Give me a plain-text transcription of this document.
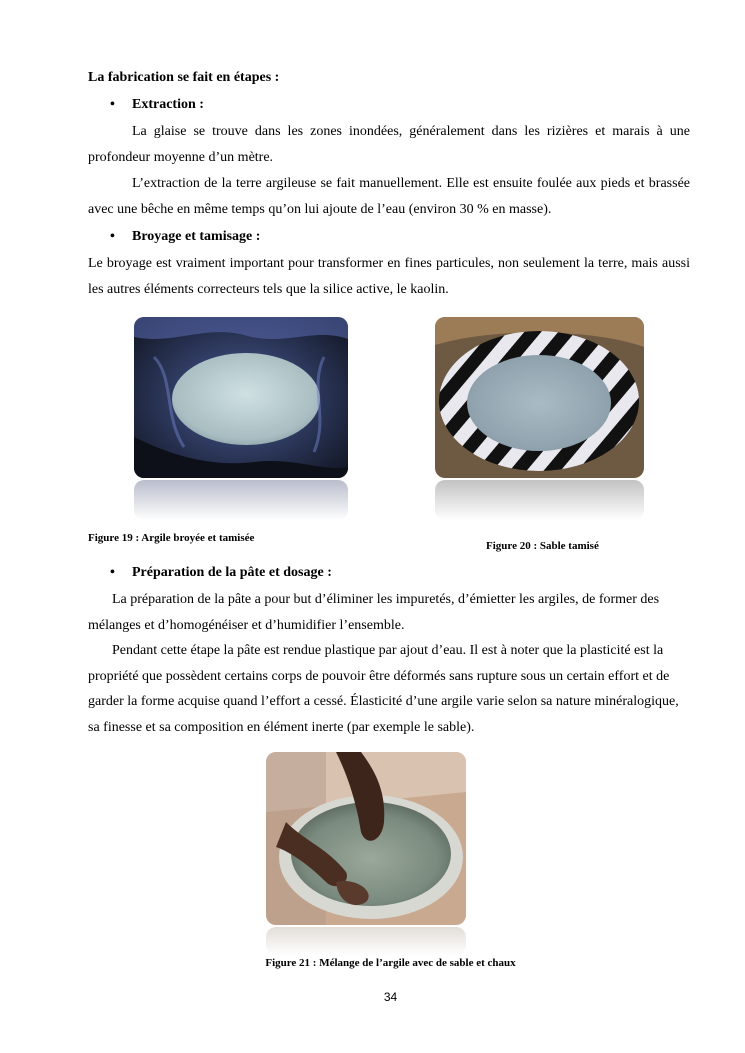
La fabrication se fait en étapes :
• Extraction :
La glaise se trouve dans les zones inondées, généralement dans les rizières et marais à une profondeur moyenne d’un mètre.
L’extraction de la terre argileuse se fait manuellement. Elle est ensuite foulée aux pieds et brassée avec une bêche en même temps qu’on lui ajoute de l’eau (environ 30 % en masse).
• Broyage et tamisage :
Le broyage est vraiment important pour transformer en fines particules, non seulement la terre, mais aussi les autres éléments correcteurs tels que la silice active, le kaolin.
Figure 19 : Argile broyée et tamisée
Figure 20 : Sable tamisé
• Préparation de la pâte et dosage :
La préparation de la pâte a pour but d’éliminer les impuretés, d’émietter les argiles, de former des mélanges et d’homogénéiser et d’humidifier l’ensemble.
Pendant cette étape la pâte est rendue plastique par ajout d’eau. Il est à noter que la plasticité est la propriété que possèdent certains corps de pouvoir être déformés sans rupture sous un certain effort et de garder la forme acquise quand l’effort a cessé. Élasticité d’une argile varie selon sa nature minéralogique, sa finesse et sa composition en élément inerte (par exemple le sable).
Figure 21 : Mélange de l’argile avec de sable et chaux
34
